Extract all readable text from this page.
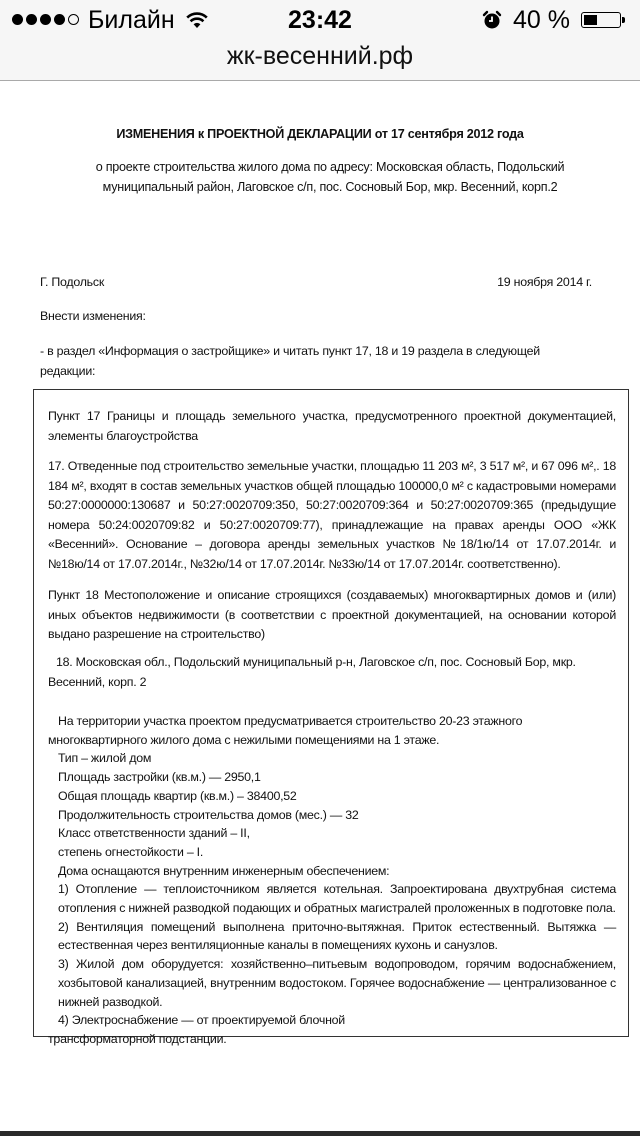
Билайн	23:42	40 %
жк-весенний.рф
ИЗМЕНЕНИЯ к ПРОЕКТНОЙ ДЕКЛАРАЦИИ от 17 сентября 2012 года
о проекте строительства жилого дома по адресу: Московская область, Подольский
муниципальный район, Лаговское с/п, пос. Сосновый Бор, мкр. Весенний, корп.2
Г. Подольск	19 ноября 2014 г.
Внести изменения:
- в раздел «Информация о застройщике» и читать пункт 17, 18 и 19 раздела в следующей
редакции:
Пункт 17 Границы и площадь земельного участка, предусмотренного проектной документацией, элементы благоустройства
17. Отведенные под строительство земельные участки, площадью 11 203 м², 3 517 м², и 67 096 м²,. 18 184 м², входят в состав земельных участков общей площадью 100000,0 м² с кадастровыми номерами 50:27:0000000:130687 и 50:27:0020709:350, 50:27:0020709:364 и 50:27:0020709:365 (предыдущие номера 50:24:0020709:82 и 50:27:0020709:77), принадлежащие на правах аренды ООО «ЖК «Весенний». Основание – договора аренды земельных участков №18/1ю/14 от 17.07.2014г. и №18ю/14 от 17.07.2014г., №32ю/14 от 17.07.2014г. №33ю/14 от 17.07.2014г. соответственно).
Пункт 18 Местоположение и описание строящихся (создаваемых) многоквартирных домов и (или) иных объектов недвижимости (в соответствии с проектной документацией, на основании которой выдано разрешение на строительство)
18. Московская обл., Подольский муниципальный р-н, Лаговское с/п, пос. Сосновый Бор, мкр.
Весенний, корп. 2
На территории участка проектом предусматривается строительство 20-23 этажного
многоквартирного жилого дома с нежилыми помещениями на 1 этаже.
Тип – жилой дом
Площадь застройки (кв.м.) — 2950,1
Общая площадь квартир (кв.м.) – 38400,52
Продолжительность строительства домов (мес.) — 32
Класс ответственности зданий – II,
степень огнестойкости – I.
Дома оснащаются внутренним инженерным обеспечением:
1) Отопление — теплоисточником является котельная. Запроектирована двухтрубная система отопления с нижней разводкой подающих и обратных магистралей проложенных в подготовке пола.
2) Вентиляция помещений выполнена приточно-вытяжная. Приток естественный. Вытяжка — естественная через вентиляционные каналы в помещениях кухонь и санузлов.
3) Жилой дом оборудуется: хозяйственно–питьевым водопроводом, горячим водоснабжением, хозбытовой канализацией, внутренним водостоком. Горячее водоснабжение — централизованное с нижней разводкой.
4) Электроснабжение — от проектируемой блочной
трансформаторной подстанции.
